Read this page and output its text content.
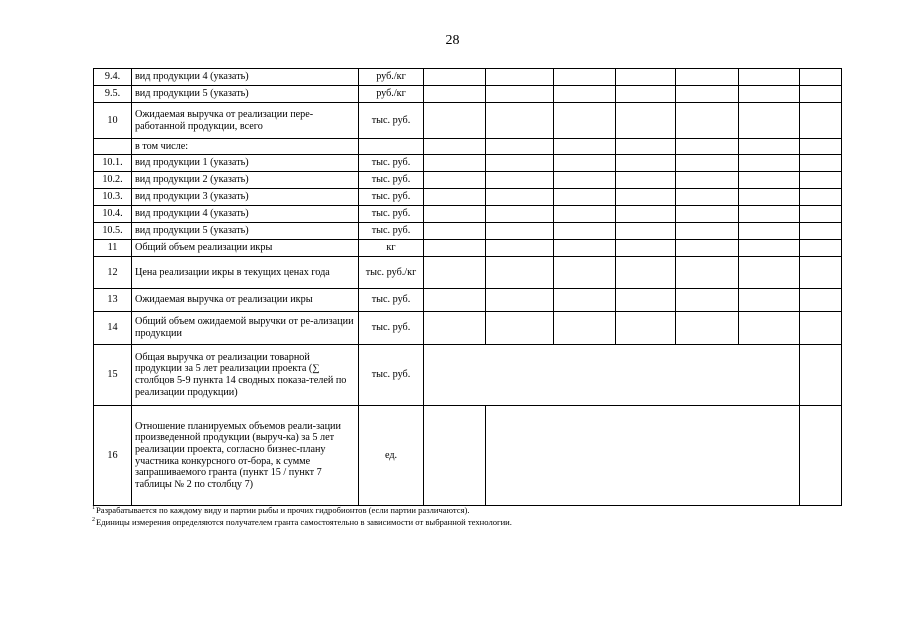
28
9.4.	вид продукции 4 (указать)	руб./кг							
9.5.	вид продукции 5 (указать)	руб./кг							
10	Ожидаемая выручка от реализации пере-работанной продукции, всего	тыс. руб.							
	в том числе:								
10.1.	вид продукции 1 (указать)	тыс. руб.							
10.2.	вид продукции 2 (указать)	тыс. руб.							
10.3.	вид продукции 3 (указать)	тыс. руб.							
10.4.	вид продукции 4 (указать)	тыс. руб.							
10.5.	вид продукции 5 (указать)	тыс. руб.							
11	Общий объем реализации икры	кг							
12	Цена реализации икры в текущих ценах года	тыс. руб./кг							
13	Ожидаемая выручка от реализации икры	тыс. руб.							
14	Общий объем ожидаемой выручки от ре-ализации продукции	тыс. руб.							
15	Общая выручка от реализации товарной продукции за 5 лет реализации проекта (∑ столбцов 5-9 пункта 14 сводных показа-телей по реализации продукции)	тыс. руб.							
16	Отношение планируемых объемов реали-зации произведенной продукции (выруч-ка) за 5 лет реализации проекта, согласно бизнес-плану участника конкурсного от-бора, к сумме запрашиваемого гранта (пункт 15 / пункт 7 таблицы № 2 по столбцу 7)	ед.							
$^1$Разрабатывается по каждому виду и партии рыбы и прочих гидробионтов (если партии различаются).
$^2$Единицы измерения определяются получателем гранта самостоятельно в зависимости от выбранной технологии.
